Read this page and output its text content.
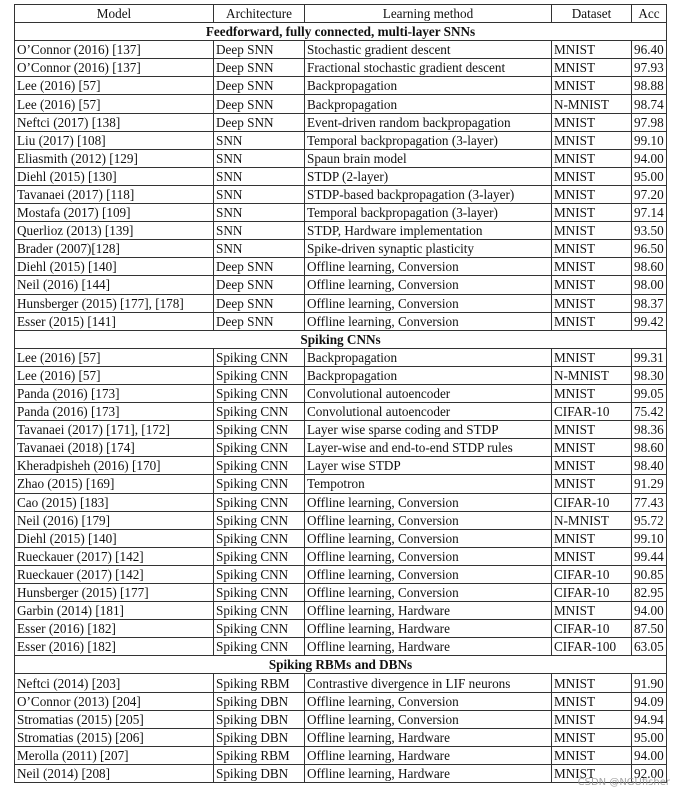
Model	Architecture	Learning method	Dataset	Acc
Feedforward, fully connected, multi-layer SNNs				
O’Connor (2016) [137]	Deep SNN	Stochastic gradient descent	MNIST	96.40
O’Connor (2016) [137]	Deep SNN	Fractional stochastic gradient descent	MNIST	97.93
Lee (2016) [57]	Deep SNN	Backpropagation	MNIST	98.88
Lee (2016) [57]	Deep SNN	Backpropagation	N-MNIST	98.74
Neftci (2017) [138]	Deep SNN	Event-driven random backpropagation	MNIST	97.98
Liu (2017) [108]	SNN	Temporal backpropagation (3-layer)	MNIST	99.10
Eliasmith (2012) [129]	SNN	Spaun brain model	MNIST	94.00
Diehl (2015) [130]	SNN	STDP (2-layer)	MNIST	95.00
Tavanaei (2017) [118]	SNN	STDP-based backpropagation (3-layer)	MNIST	97.20
Mostafa (2017) [109]	SNN	Temporal backpropagation (3-layer)	MNIST	97.14
Querlioz (2013) [139]	SNN	STDP, Hardware implementation	MNIST	93.50
Brader (2007)[128]	SNN	Spike-driven synaptic plasticity	MNIST	96.50
Diehl (2015) [140]	Deep SNN	Offline learning, Conversion	MNIST	98.60
Neil (2016) [144]	Deep SNN	Offline learning, Conversion	MNIST	98.00
Hunsberger (2015) [177], [178]	Deep SNN	Offline learning, Conversion	MNIST	98.37
Esser (2015) [141]	Deep SNN	Offline learning, Conversion	MNIST	99.42
Spiking CNNs				
Lee (2016) [57]	Spiking CNN	Backpropagation	MNIST	99.31
Lee (2016) [57]	Spiking CNN	Backpropagation	N-MNIST	98.30
Panda (2016) [173]	Spiking CNN	Convolutional autoencoder	MNIST	99.05
Panda (2016) [173]	Spiking CNN	Convolutional autoencoder	CIFAR-10	75.42
Tavanaei (2017) [171], [172]	Spiking CNN	Layer wise sparse coding and STDP	MNIST	98.36
Tavanaei (2018) [174]	Spiking CNN	Layer-wise and end-to-end STDP rules	MNIST	98.60
Kheradpisheh (2016) [170]	Spiking CNN	Layer wise STDP	MNIST	98.40
Zhao (2015) [169]	Spiking CNN	Tempotron	MNIST	91.29
Cao (2015) [183]	Spiking CNN	Offline learning, Conversion	CIFAR-10	77.43
Neil (2016) [179]	Spiking CNN	Offline learning, Conversion	N-MNIST	95.72
Diehl (2015) [140]	Spiking CNN	Offline learning, Conversion	MNIST	99.10
Rueckauer (2017) [142]	Spiking CNN	Offline learning, Conversion	MNIST	99.44
Rueckauer (2017) [142]	Spiking CNN	Offline learning, Conversion	CIFAR-10	90.85
Hunsberger (2015) [177]	Spiking CNN	Offline learning, Conversion	CIFAR-10	82.95
Garbin (2014) [181]	Spiking CNN	Offline learning, Hardware	MNIST	94.00
Esser (2016) [182]	Spiking CNN	Offline learning, Hardware	CIFAR-10	87.50
Esser (2016) [182]	Spiking CNN	Offline learning, Hardware	CIFAR-100	63.05
Spiking RBMs and DBNs				
Neftci (2014) [203]	Spiking RBM	Contrastive divergence in LIF neurons	MNIST	91.90
O’Connor (2013) [204]	Spiking DBN	Offline learning, Conversion	MNIST	94.09
Stromatias (2015) [205]	Spiking DBN	Offline learning, Conversion	MNIST	94.94
Stromatias (2015) [206]	Spiking DBN	Offline learning, Hardware	MNIST	95.00
Merolla (2011) [207]	Spiking RBM	Offline learning, Hardware	MNIST	94.00
Neil (2014) [208]	Spiking DBN	Offline learning, Hardware	MNIST	92.00
CSDN @NGUfisher
